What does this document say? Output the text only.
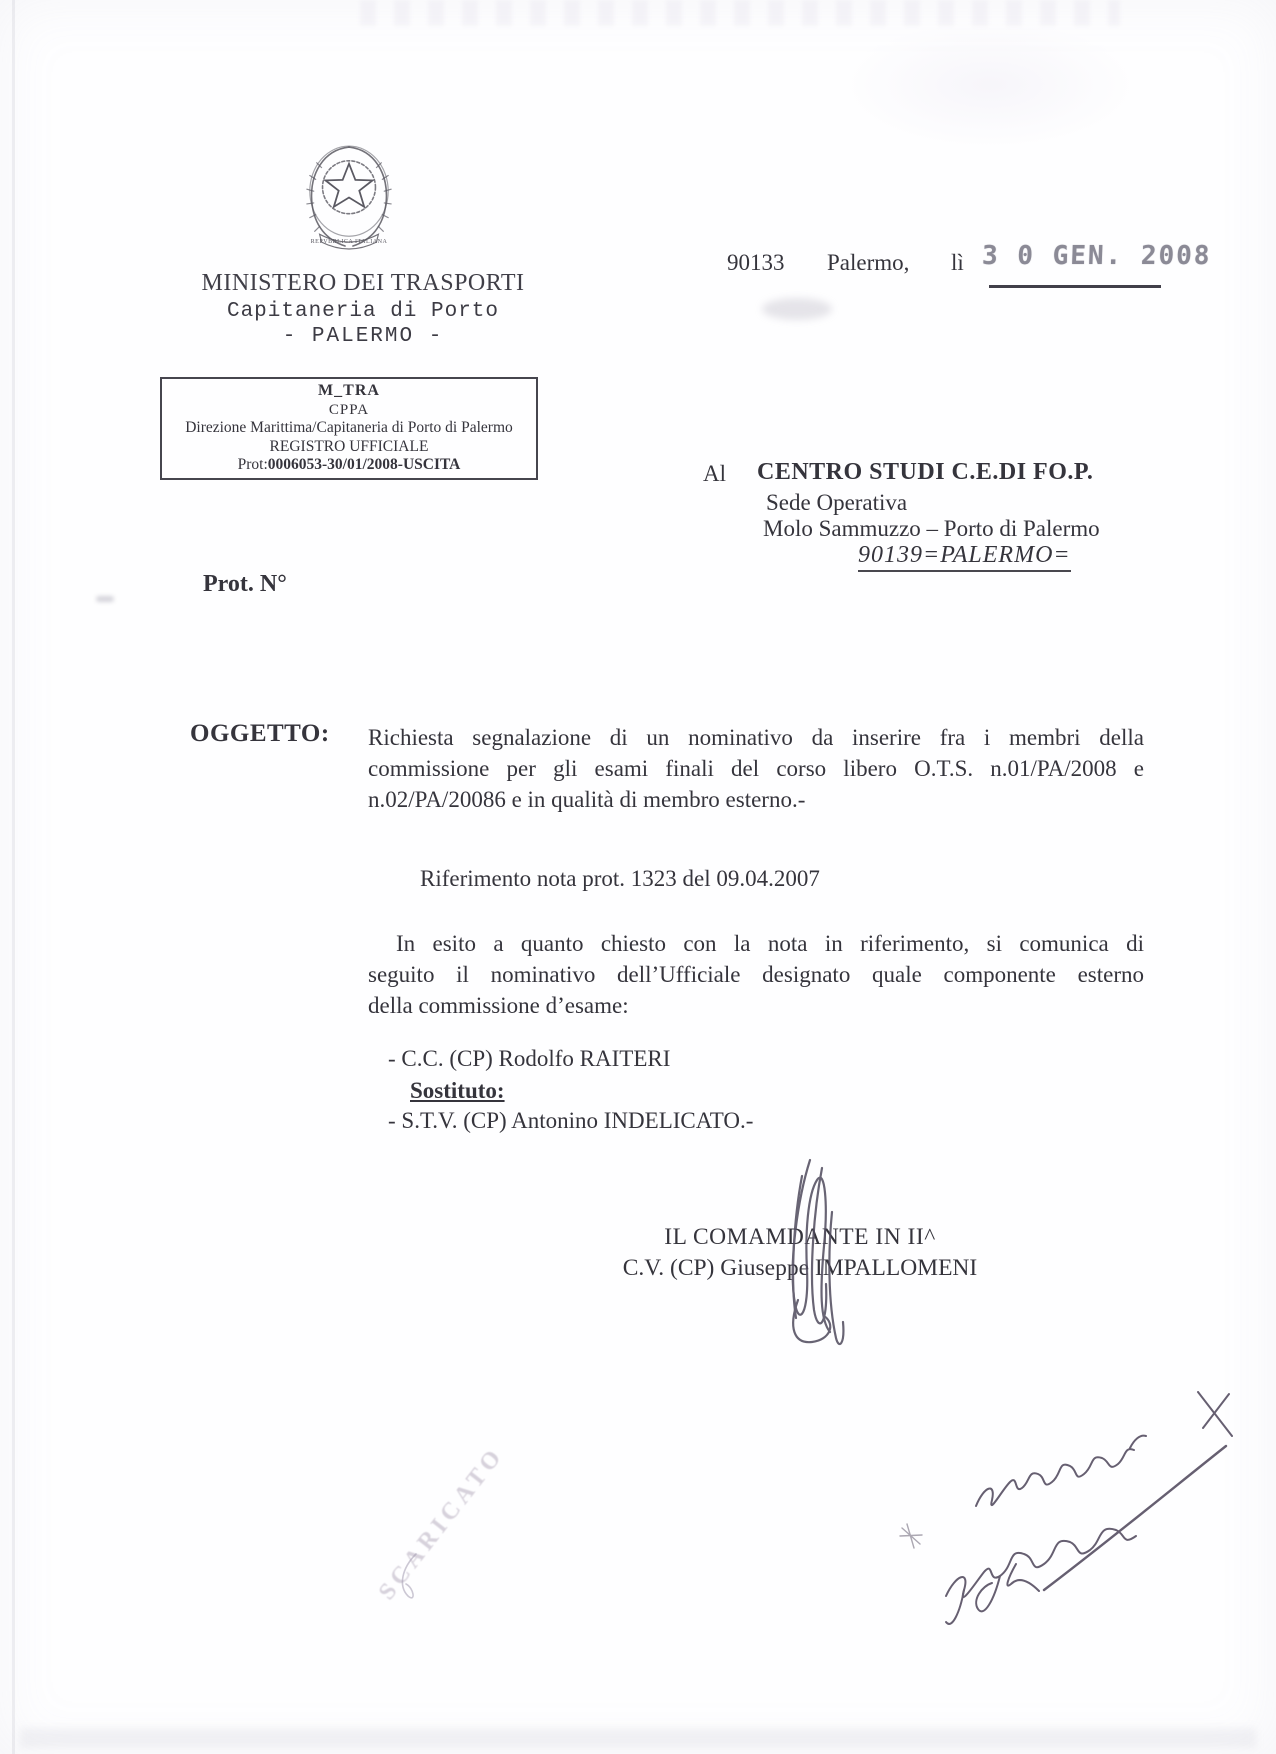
REPVBBLICA ITALIANA
MINISTERO DEI TRASPORTI
Capitaneria di Porto
- PALERMO -
90133 Palermo, lì 3 0 GEN. 2008
M_TRA
CPPA
Direzione Marittima/Capitaneria di Porto di Palermo
REGISTRO UFFICIALE
Prot:0006053-30/01/2008-USCITA	Al CENTRO STUDI C.E.DI FO.P.
Sede Operativa
Molo Sammuzzo – Porto di Palermo
90139=PALERMO=
Prot. N°
OGGETTO: Richiesta segnalazione di un nominativo da inserire fra i membri della
commissione per gli esami finali del corso libero O.T.S. n.01/PA/2008 e
n.02/PA/20086 e in qualità di membro esterno.-
Riferimento nota prot. 1323 del 09.04.2007
In esito a quanto chiesto con la nota in riferimento, si comunica di
seguito il nominativo dell’Ufficiale designato quale componente esterno
della commissione d’esame:
- C.C. (CP) Rodolfo RAITERI
Sostituto:
- S.T.V. (CP) Antonino INDELICATO.-
IL COMAMDANTE IN II^
C.V. (CP) Giuseppe IMPALLOMENI
SCARICATO
